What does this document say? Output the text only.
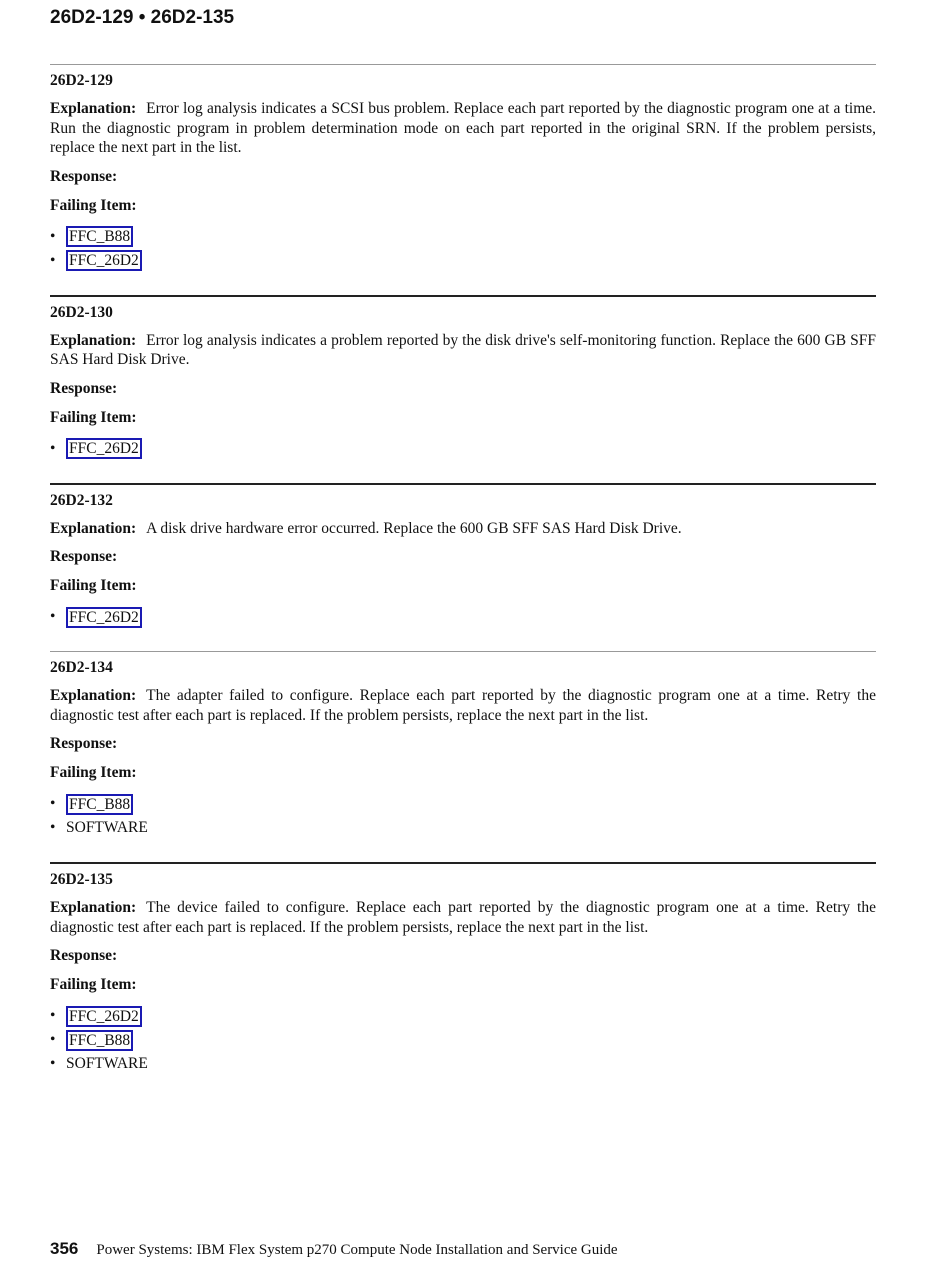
26D2-129 • 26D2-135
26D2-129

Explanation: Error log analysis indicates a SCSI bus problem. Replace each part reported by the diagnostic program one at a time. Run the diagnostic program in problem determination mode on each part reported in the original SRN. If the problem persists, replace the next part in the list.

Response:
Failing Item:
• FFC_B88
• FFC_26D2
26D2-130

Explanation: Error log analysis indicates a problem reported by the disk drive's self-monitoring function. Replace the 600 GB SFF SAS Hard Disk Drive.

Response:
Failing Item:
• FFC_26D2
26D2-132

Explanation: A disk drive hardware error occurred. Replace the 600 GB SFF SAS Hard Disk Drive.

Response:
Failing Item:
• FFC_26D2
26D2-134

Explanation: The adapter failed to configure. Replace each part reported by the diagnostic program one at a time. Retry the diagnostic test after each part is replaced. If the problem persists, replace the next part in the list.

Response:
Failing Item:
• FFC_B88
• SOFTWARE
26D2-135

Explanation: The device failed to configure. Replace each part reported by the diagnostic program one at a time. Retry the diagnostic test after each part is replaced. If the problem persists, replace the next part in the list.

Response:
Failing Item:
• FFC_26D2
• FFC_B88
• SOFTWARE
356 Power Systems: IBM Flex System p270 Compute Node Installation and Service Guide
